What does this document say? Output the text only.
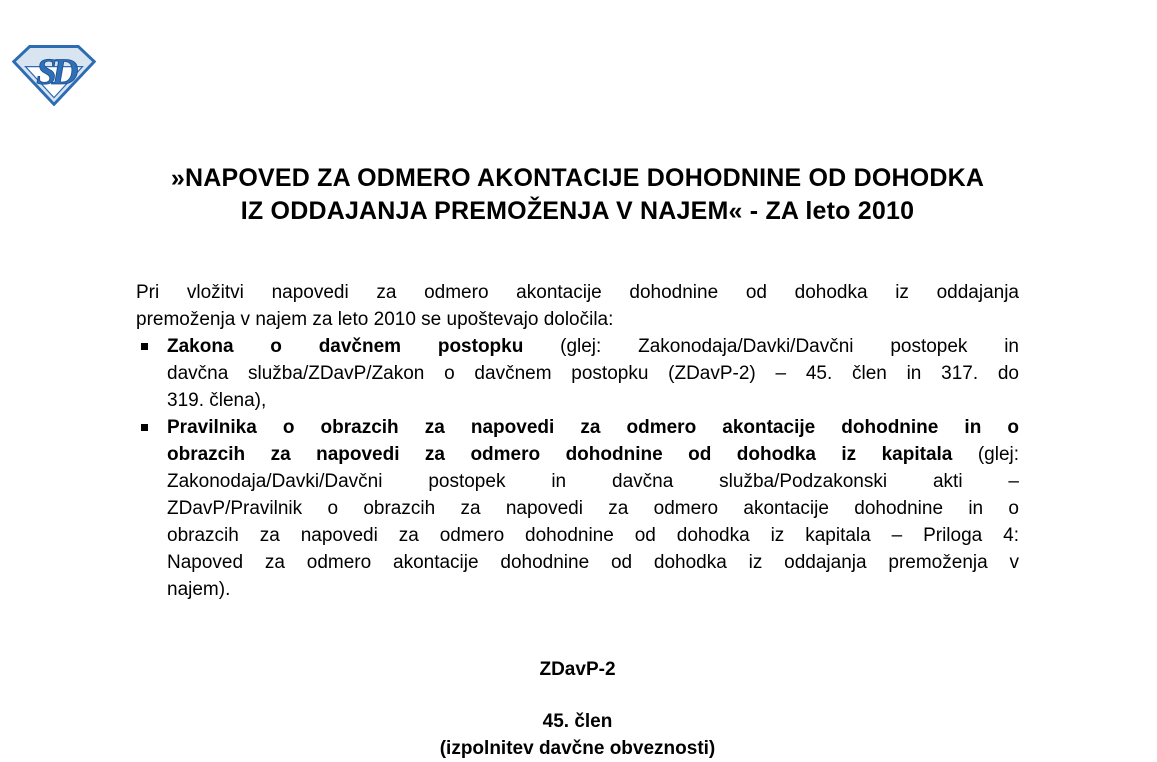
SD
»NAPOVED ZA ODMERO AKONTACIJE DOHODNINE OD DOHODKA
IZ ODDAJANJA PREMOŽENJA V NAJEM« - ZA leto 2010
Pri vložitvi napovedi za odmero akontacije dohodnine od dohodka iz oddajanja
premoženja v najem za leto 2010 se upoštevajo določila:
Zakona o davčnem postopku (glej: Zakonodaja/Davki/Davčni postopek in
davčna služba/ZDavP/Zakon o davčnem postopku (ZDavP-2) – 45. člen in 317. do
319. člena),
Pravilnika o obrazcih za napovedi za odmero akontacije dohodnine in o
obrazcih za napovedi za odmero dohodnine od dohodka iz kapitala (glej:
Zakonodaja/Davki/Davčni postopek in davčna služba/Podzakonski akti –
ZDavP/Pravilnik o obrazcih za napovedi za odmero akontacije dohodnine in o
obrazcih za napovedi za odmero dohodnine od dohodka iz kapitala – Priloga 4:
Napoved za odmero akontacije dohodnine od dohodka iz oddajanja premoženja v
najem).
ZDavP-2
45. člen
(izpolnitev davčne obveznosti)
